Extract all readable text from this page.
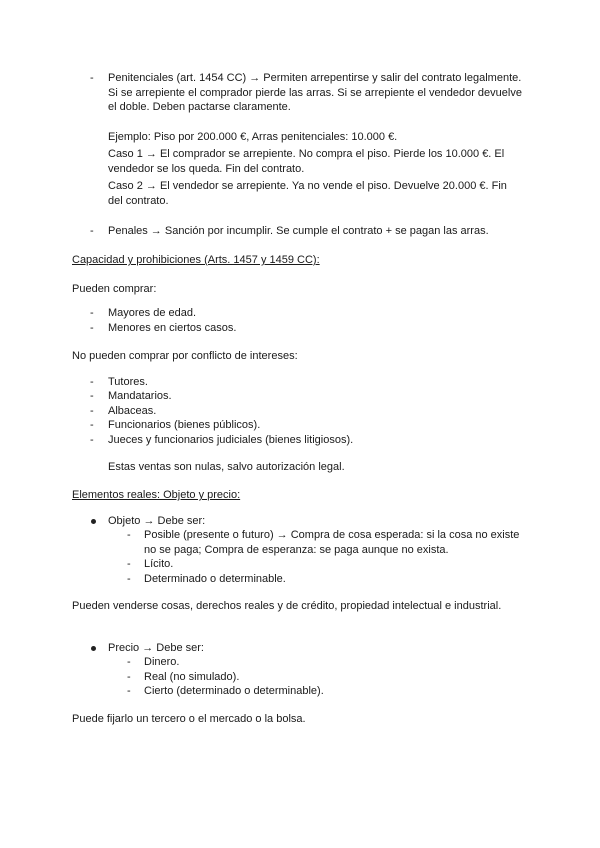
- Penitenciales (art. 1454 CC) → Permiten arrepentirse y salir del contrato legalmente.
Si se arrepiente el comprador pierde las arras. Si se arrepiente el vendedor devuelve
el doble. Deben pactarse claramente.
Ejemplo: Piso por 200.000 €, Arras penitenciales: 10.000 €.
Caso 1 → El comprador se arrepiente. No compra el piso. Pierde los 10.000 €. El
vendedor se los queda. Fin del contrato.
Caso 2 → El vendedor se arrepiente. Ya no vende el piso. Devuelve 20.000 €. Fin
del contrato.
- Penales → Sanción por incumplir. Se cumple el contrato + se pagan las arras.
Capacidad y prohibiciones (Arts. 1457 y 1459 CC):
Pueden comprar:
- Mayores de edad.
- Menores en ciertos casos.
No pueden comprar por conflicto de intereses:
- Tutores.
- Mandatarios.
- Albaceas.
- Funcionarios (bienes públicos).
- Jueces y funcionarios judiciales (bienes litigiosos).
Estas ventas son nulas, salvo autorización legal.
Elementos reales: Objeto y precio:
Objeto → Debe ser:
- Posible (presente o futuro) → Compra de cosa esperada: si la cosa no existe
no se paga; Compra de esperanza: se paga aunque no exista.
- Lícito.
- Determinado o determinable.
Pueden venderse cosas, derechos reales y de crédito, propiedad intelectual e industrial.
Precio → Debe ser:
- Dinero.
- Real (no simulado).
- Cierto (determinado o determinable).
Puede fijarlo un tercero o el mercado o la bolsa.
